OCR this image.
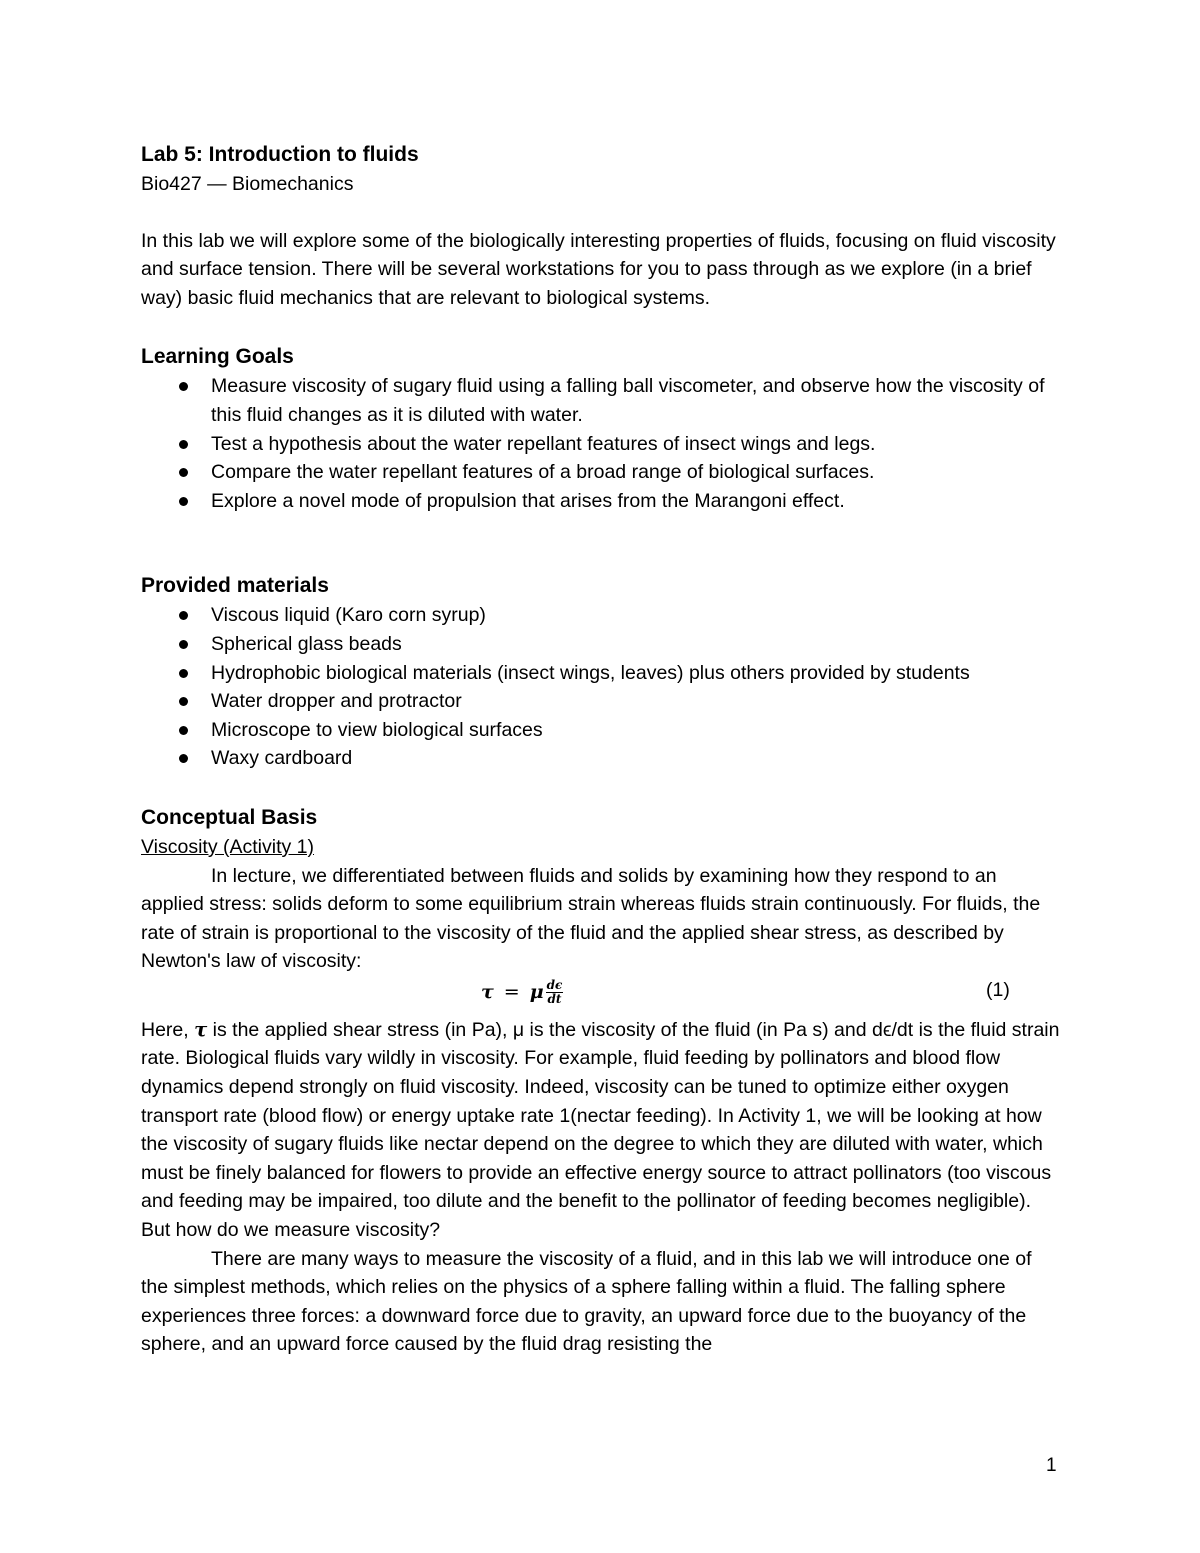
Lab 5: Introduction to fluids

Bio427 — Biomechanics

In this lab we will explore some of the biologically interesting properties of fluids, focusing on fluid viscosity and surface tension. There will be several workstations for you to pass through as we explore (in a brief way) basic fluid mechanics that are relevant to biological systems.

Learning Goals
Measure viscosity of sugary fluid using a falling ball viscometer, and observe how the viscosity of this fluid changes as it is diluted with water.
Test a hypothesis about the water repellant features of insect wings and legs.
Compare the water repellant features of a broad range of biological surfaces.
Explore a novel mode of propulsion that arises from the Marangoni effect.
Provided materials
Viscous liquid (Karo corn syrup)
Spherical glass beads
Hydrophobic biological materials (insect wings, leaves) plus others provided by students
Water dropper and protractor
Microscope to view biological surfaces
Waxy cardboard
Conceptual Basis

Viscosity (Activity 1)

In lecture, we differentiated between fluids and solids by examining how they respond to an applied stress: solids deform to some equilibrium strain whereas fluids strain continuously. For fluids, the rate of strain is proportional to the viscosity of the fluid and the applied shear stress, as described by Newton's law of viscosity:

τ = μ $\frac{d\epsilon}{dt}$	(1)

Here, τ is the applied shear stress (in Pa), μ is the viscosity of the fluid (in Pa s) and dϵ/dt is the fluid strain rate. Biological fluids vary wildly in viscosity. For example, fluid feeding by pollinators and blood flow dynamics depend strongly on fluid viscosity. Indeed, viscosity can be tuned to optimize either oxygen transport rate (blood flow) or energy uptake rate 1(nectar feeding). In Activity 1, we will be looking at how the viscosity of sugary fluids like nectar depend on the degree to which they are diluted with water, which must be finely balanced for flowers to provide an effective energy source to attract pollinators (too viscous and feeding may be impaired, too dilute and the benefit to the pollinator of feeding becomes negligible). But how do we measure viscosity?

There are many ways to measure the viscosity of a fluid, and in this lab we will introduce one of the simplest methods, which relies on the physics of a sphere falling within a fluid. The falling sphere experiences three forces: a downward force due to gravity, an upward force due to the buoyancy of the sphere, and an upward force caused by the fluid drag resisting the

1
